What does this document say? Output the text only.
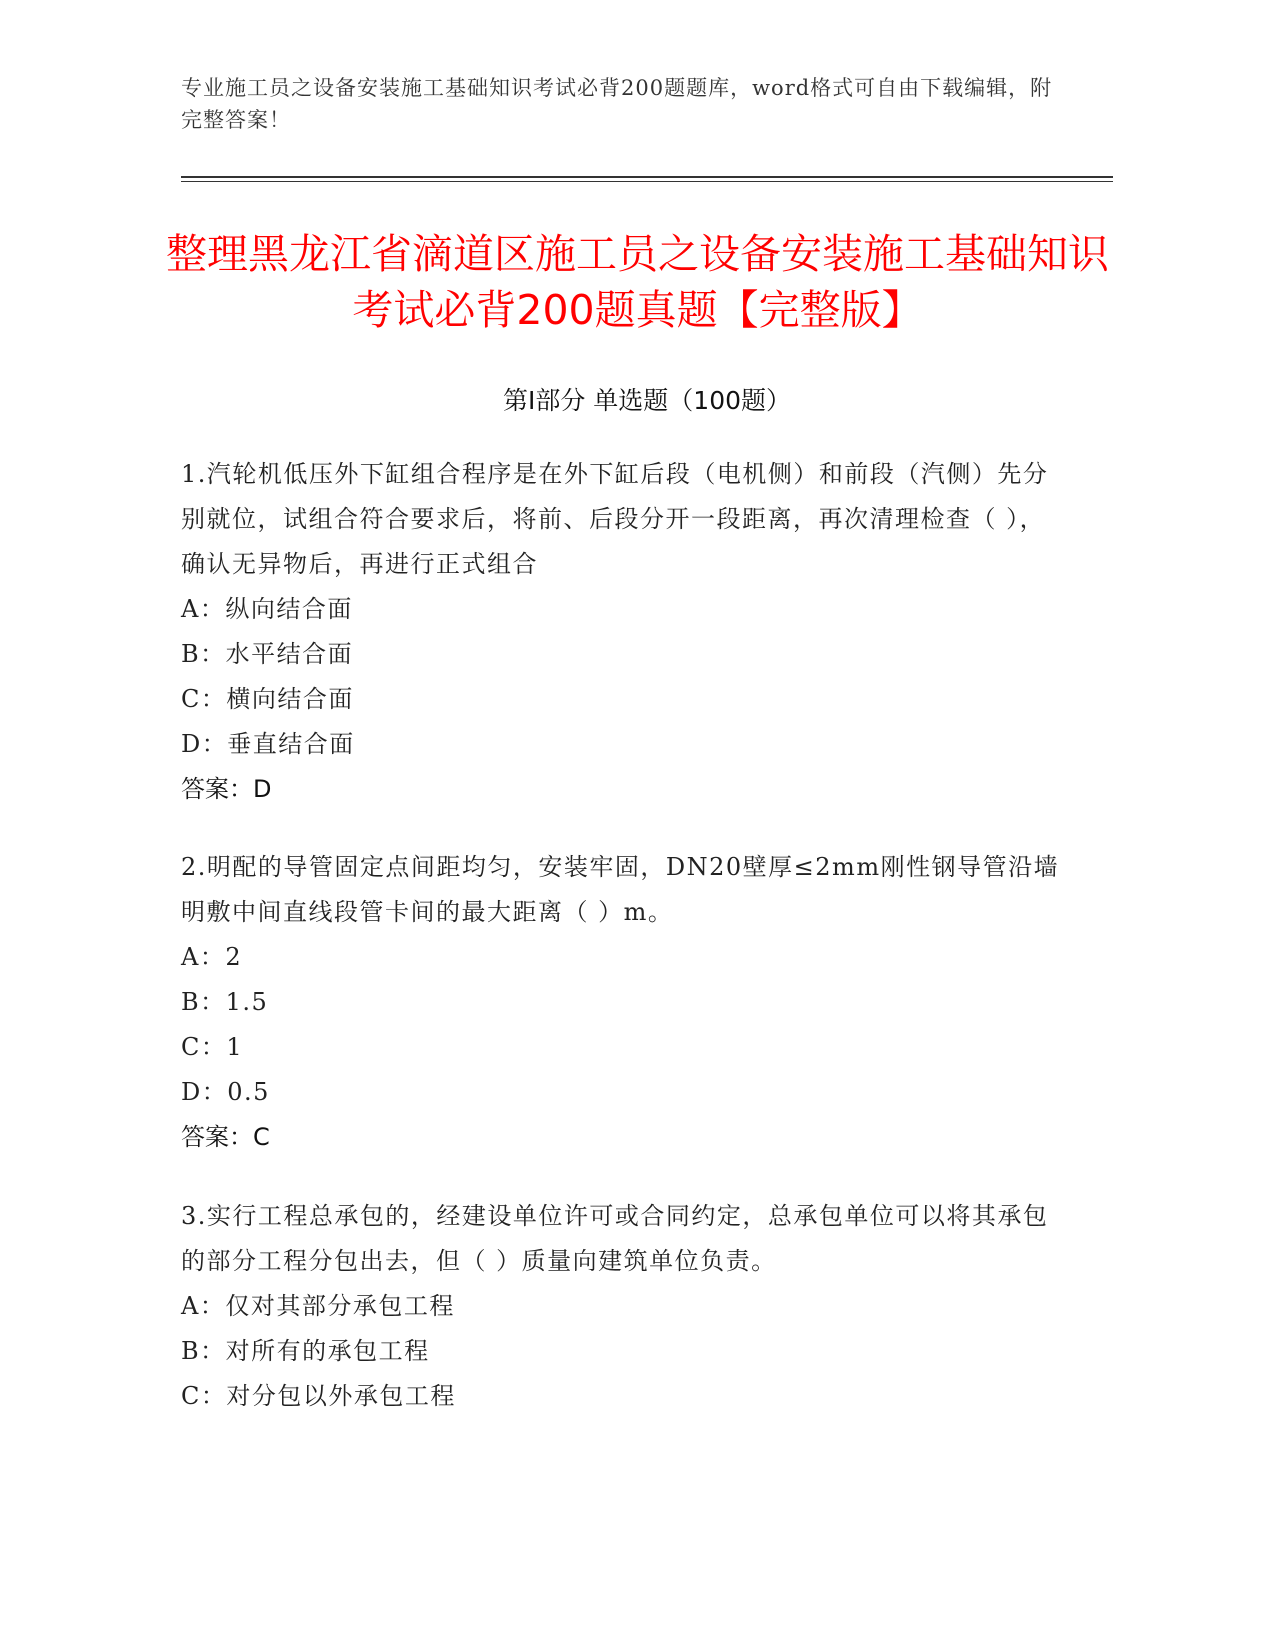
专业施工员之设备安装施工基础知识考试必背200题题库，word格式可自由下载编辑，附完整答案！
整理黑龙江省滴道区施工员之设备安装施工基础知识考试必背200题真题【完整版】
第Ⅰ部分 单选题（100题）

1.汽轮机低压外下缸组合程序是在外下缸后段（电机侧）和前段（汽侧）先分别就位，试组合符合要求后，将前、后段分开一段距离，再次清理检查（ ），确认无异物后，再进行正式组合

A：纵向结合面

B：水平结合面

C：横向结合面

D：垂直结合面

答案：D

2.明配的导管固定点间距均匀，安装牢固，DN20壁厚≤2mm刚性钢导管沿墙明敷中间直线段管卡间的最大距离（ ）m。

A：2

B：1.5

C：1

D：0.5

答案：C

3.实行工程总承包的，经建设单位许可或合同约定，总承包单位可以将其承包的部分工程分包出去，但（ ）质量向建筑单位负责。

A：仅对其部分承包工程

B：对所有的承包工程

C：对分包以外承包工程
